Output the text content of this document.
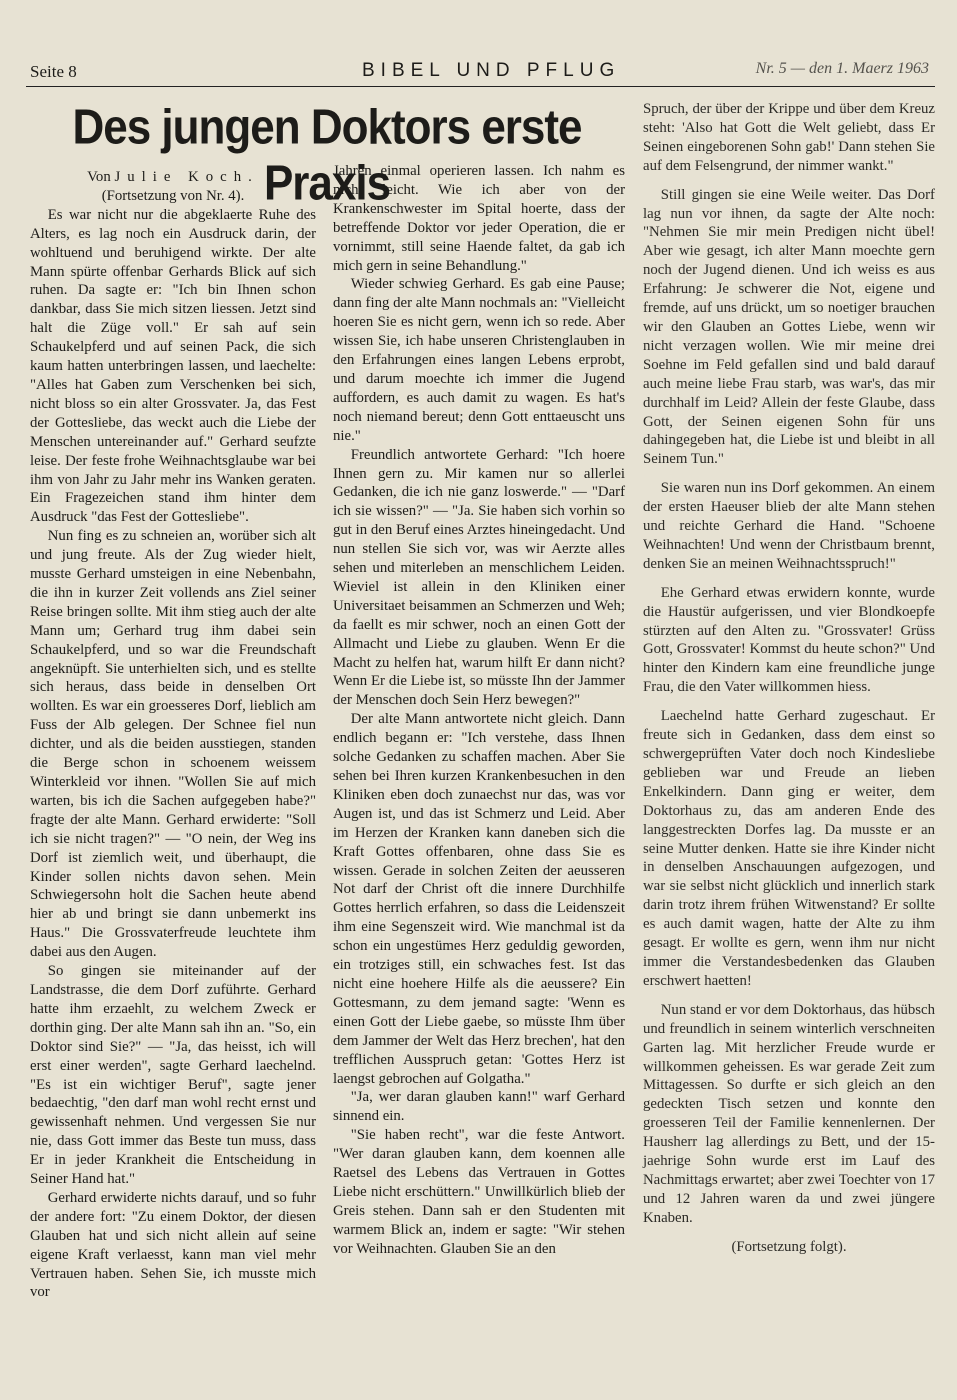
Seite 8	BIBEL UND PFLUG	Nr. 5 — den 1. Maerz 1963
Des jungen Doktors erste Praxis

Von Julie Koch.

(Fortsetzung von Nr. 4).

Es war nicht nur die abgeklaerte Ruhe des Alters, es lag noch ein Ausdruck darin, der wohltuend und beruhigend wirkte. Der alte Mann spürte offenbar Gerhards Blick auf sich ruhen. Da sagte er: "Ich bin Ihnen schon dankbar, dass Sie mich sitzen liessen. Jetzt sind halt die Züge voll." Er sah auf sein Schaukelpferd und auf seinen Pack, die sich kaum hatten unterbringen lassen, und laechelte: "Alles hat Gaben zum Verschenken bei sich, nicht bloss so ein alter Grossvater. Ja, das Fest der Gottesliebe, das weckt auch die Liebe der Menschen untereinander auf." Gerhard seufzte leise. Der feste frohe Weihnachtsglaube war bei ihm von Jahr zu Jahr mehr ins Wanken geraten. Ein Fragezeichen stand ihm hinter dem Ausdruck "das Fest der Gottesliebe".

Nun fing es zu schneien an, worüber sich alt und jung freute. Als der Zug wieder hielt, musste Gerhard umsteigen in eine Nebenbahn, die ihn in kurzer Zeit vollends ans Ziel seiner Reise bringen sollte. Mit ihm stieg auch der alte Mann um; Gerhard trug ihm dabei sein Schaukelpferd, und so war die Freundschaft angeknüpft. Sie unterhielten sich, und es stellte sich heraus, dass beide in denselben Ort wollten. Es war ein groesseres Dorf, lieblich am Fuss der Alb gelegen. Der Schnee fiel nun dichter, und als die beiden ausstiegen, standen die Berge schon in schoenem weissem Winterkleid vor ihnen. "Wollen Sie auf mich warten, bis ich die Sachen aufgegeben habe?" fragte der alte Mann. Gerhard erwiderte: "Soll ich sie nicht tragen?" — "O nein, der Weg ins Dorf ist ziemlich weit, und überhaupt, die Kinder sollen nichts davon sehen. Mein Schwiegersohn holt die Sachen heute abend hier ab und bringt sie dann unbemerkt ins Haus." Die Grossvaterfreude leuchtete ihm dabei aus den Augen.

So gingen sie miteinander auf der Landstrasse, die dem Dorf zuführte. Gerhard hatte ihm erzaehlt, zu welchem Zweck er dorthin ging. Der alte Mann sah ihn an. "So, ein Doktor sind Sie?" — "Ja, das heisst, ich will erst einer werden", sagte Gerhard laechelnd. "Es ist ein wichtiger Beruf", sagte jener bedaechtig, "den darf man wohl recht ernst und gewissenhaft nehmen. Und vergessen Sie nur nie, dass Gott immer das Beste tun muss, dass Er in jeder Krankheit die Entscheidung in Seiner Hand hat."

Gerhard erwiderte nichts darauf, und so fuhr der andere fort: "Zu einem Doktor, der diesen Glauben hat und sich nicht allein auf seine eigene Kraft verlaesst, kann man viel mehr Vertrauen haben. Sehen Sie, ich musste mich vor

Jahren einmal operieren lassen. Ich nahm es nicht leicht. Wie ich aber von der Krankenschwester im Spital hoerte, dass der betreffende Doktor vor jeder Operation, die er vornimmt, still seine Haende faltet, da gab ich mich gern in seine Behandlung."

Wieder schwieg Gerhard. Es gab eine Pause; dann fing der alte Mann nochmals an: "Vielleicht hoeren Sie es nicht gern, wenn ich so rede. Aber wissen Sie, ich habe unseren Christenglauben in den Erfahrungen eines langen Lebens erprobt, und darum moechte ich immer die Jugend auffordern, es auch damit zu wagen. Es hat's noch niemand bereut; denn Gott enttaeuscht uns nie."

Freundlich antwortete Gerhard: "Ich hoere Ihnen gern zu. Mir kamen nur so allerlei Gedanken, die ich nie ganz loswerde." — "Darf ich sie wissen?" — "Ja. Sie haben sich vorhin so gut in den Beruf eines Arztes hineingedacht. Und nun stellen Sie sich vor, was wir Aerzte alles sehen und miterleben an menschlichem Leiden. Wieviel ist allein in den Kliniken einer Universitaet beisammen an Schmerzen und Weh; da faellt es mir schwer, noch an einen Gott der Allmacht und Liebe zu glauben. Wenn Er die Macht zu helfen hat, warum hilft Er dann nicht? Wenn Er die Liebe ist, so müsste Ihn der Jammer der Menschen doch Sein Herz bewegen?"

Der alte Mann antwortete nicht gleich. Dann endlich begann er: "Ich verstehe, dass Ihnen solche Gedanken zu schaffen machen. Aber Sie sehen bei Ihren kurzen Krankenbesuchen in den Kliniken eben doch zunaechst nur das, was vor Augen ist, und das ist Schmerz und Leid. Aber im Herzen der Kranken kann daneben sich die Kraft Gottes offenbaren, ohne dass Sie es wissen. Gerade in solchen Zeiten der aeusseren Not darf der Christ oft die innere Durchhilfe Gottes herrlich erfahren, so dass die Leidenszeit ihm eine Segenszeit wird. Wie manchmal ist da schon ein ungestümes Herz geduldig geworden, ein trotziges still, ein schwaches fest. Ist das nicht eine hoehere Hilfe als die aeussere? Ein Gottesmann, zu dem jemand sagte: 'Wenn es einen Gott der Liebe gaebe, so müsste Ihm über dem Jammer der Welt das Herz brechen', hat den trefflichen Ausspruch getan: 'Gottes Herz ist laengst gebrochen auf Golgatha."

"Ja, wer daran glauben kann!" warf Gerhard sinnend ein.

"Sie haben recht", war die feste Antwort. "Wer daran glauben kann, dem koennen alle Raetsel des Lebens das Vertrauen in Gottes Liebe nicht erschüttern." Unwillkürlich blieb der Greis stehen. Dann sah er den Studenten mit warmem Blick an, indem er sagte: "Wir stehen vor Weihnachten. Glauben Sie an den

Spruch, der über der Krippe und über dem Kreuz steht: 'Also hat Gott die Welt geliebt, dass Er Seinen eingeborenen Sohn gab!' Dann stehen Sie auf dem Felsengrund, der nimmer wankt."

Still gingen sie eine Weile weiter. Das Dorf lag nun vor ihnen, da sagte der Alte noch: "Nehmen Sie mir mein Predigen nicht übel! Aber wie gesagt, ich alter Mann moechte gern noch der Jugend dienen. Und ich weiss es aus Erfahrung: Je schwerer die Not, eigene und fremde, auf uns drückt, um so noetiger brauchen wir den Glauben an Gottes Liebe, wenn wir nicht verzagen wollen. Wie mir meine drei Soehne im Feld gefallen sind und bald darauf auch meine liebe Frau starb, was war's, das mir durchhalf im Leid? Allein der feste Glaube, dass Gott, der Seinen eigenen Sohn für uns dahingegeben hat, die Liebe ist und bleibt in all Seinem Tun."

Sie waren nun ins Dorf gekommen. An einem der ersten Haeuser blieb der alte Mann stehen und reichte Gerhard die Hand. "Schoene Weihnachten! Und wenn der Christbaum brennt, denken Sie an meinen Weihnachtsspruch!"

Ehe Gerhard etwas erwidern konnte, wurde die Haustür aufgerissen, und vier Blondkoepfe stürzten auf den Alten zu. "Grossvater! Grüss Gott, Grossvater! Kommst du heute schon?" Und hinter den Kindern kam eine freundliche junge Frau, die den Vater willkommen hiess.

Laechelnd hatte Gerhard zugeschaut. Er freute sich in Gedanken, dass dem einst so schwergeprüften Vater doch noch Kindesliebe geblieben war und Freude an lieben Enkelkindern. Dann ging er weiter, dem Doktorhaus zu, das am anderen Ende des langgestreckten Dorfes lag. Da musste er an seine Mutter denken. Hatte sie ihre Kinder nicht in denselben Anschauungen aufgezogen, und war sie selbst nicht glücklich und innerlich stark darin trotz ihrem frühen Witwenstand? Er sollte es auch damit wagen, hatte der Alte zu ihm gesagt. Er wollte es gern, wenn ihm nur nicht immer die Verstandesbedenken das Glauben erschwert haetten!

Nun stand er vor dem Doktorhaus, das hübsch und freundlich in seinem winterlich verschneiten Garten lag. Mit herzlicher Freude wurde er willkommen geheissen. Es war gerade Zeit zum Mittagessen. So durfte er sich gleich an den gedeckten Tisch setzen und konnte den groesseren Teil der Familie kennenlernen. Der Hausherr lag allerdings zu Bett, und der 15-jaehrige Sohn wurde erst im Lauf des Nachmittags erwartet; aber zwei Toechter von 17 und 12 Jahren waren da und zwei jüngere Knaben.

(Fortsetzung folgt).
